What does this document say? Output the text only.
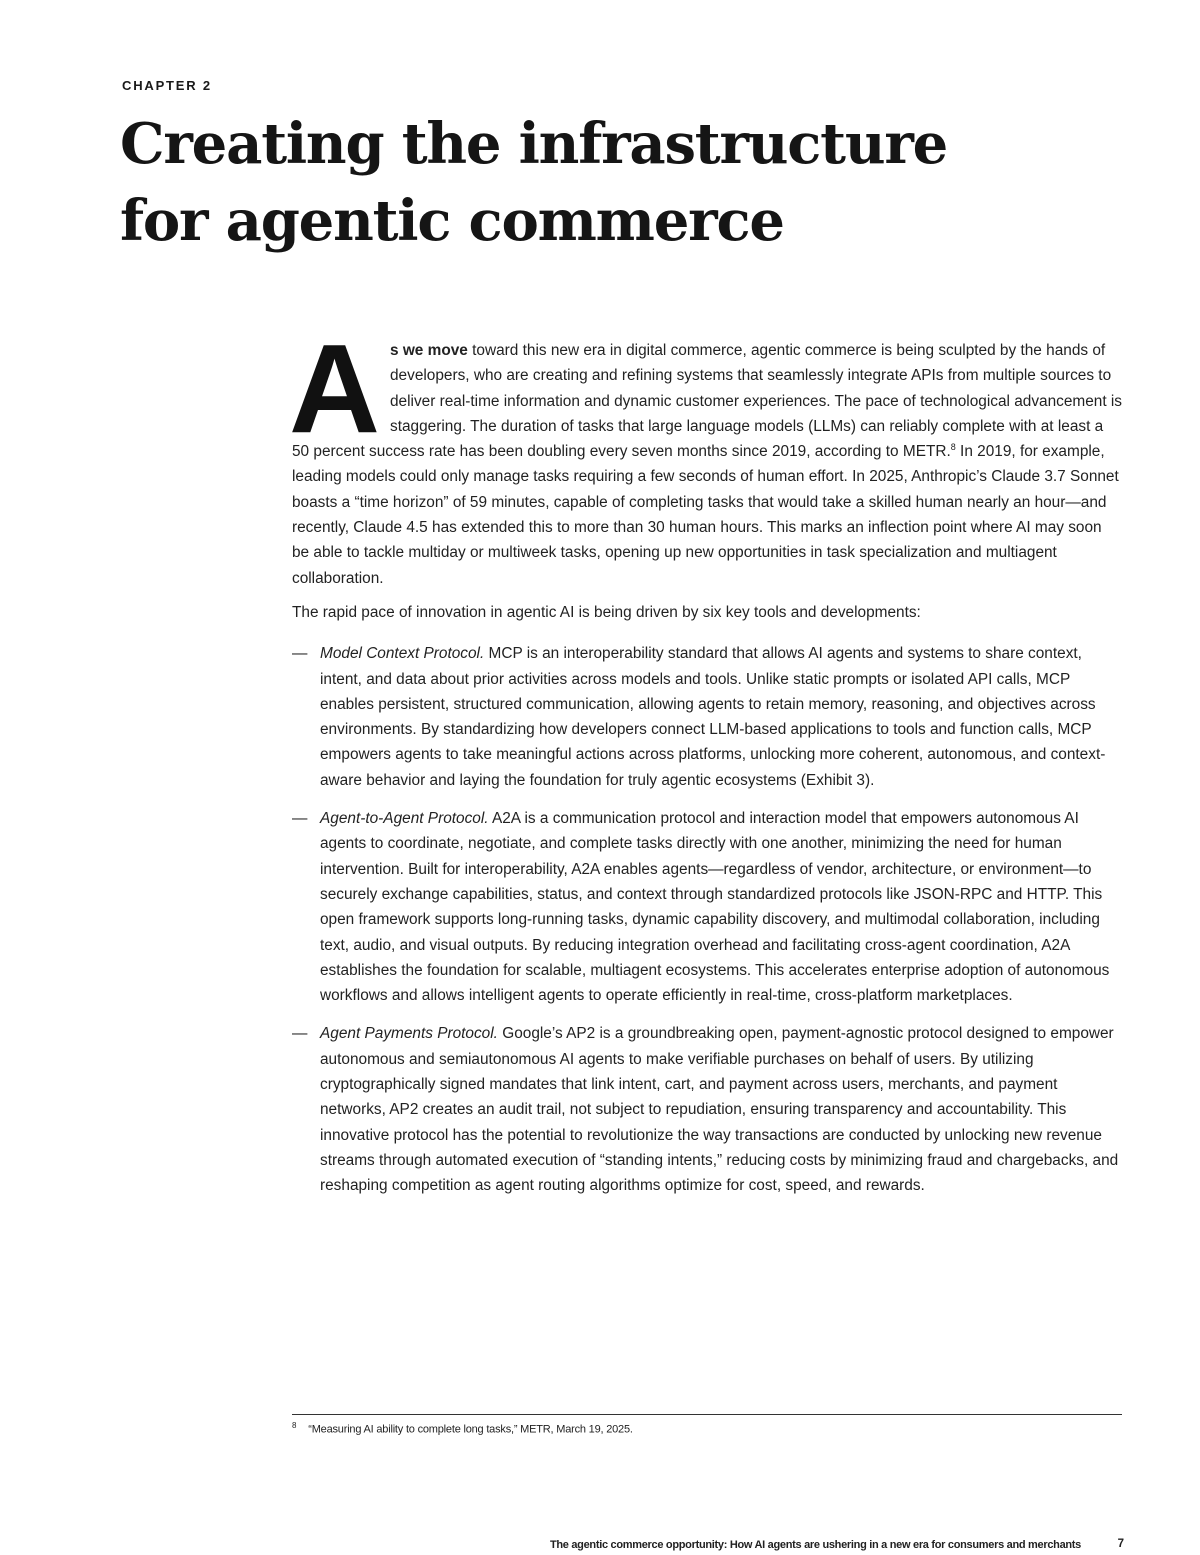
CHAPTER 2
Creating the infrastructure
for agentic commerce

As we move toward this new era in digital commerce, agentic commerce is being sculpted by the hands of developers, who are creating and refining systems that seamlessly integrate APIs from multiple sources to deliver real-time information and dynamic customer experiences. The pace of technological advancement is staggering. The duration of tasks that large language models (LLMs) can reliably complete with at least a 50 percent success rate has been doubling every seven months since 2019, according to METR.$^8$ In 2019, for example, leading models could only manage tasks requiring a few seconds of human effort. In 2025, Anthropic’s Claude 3.7 Sonnet boasts a “time horizon” of 59 minutes, capable of completing tasks that would take a skilled human nearly an hour—and recently, Claude 4.5 has extended this to more than 30 human hours. This marks an inflection point where AI may soon be able to tackle multiday or multiweek tasks, opening up new opportunities in task specialization and multiagent collaboration.

The rapid pace of innovation in agentic AI is being driven by six key tools and developments:

— Model Context Protocol. MCP is an interoperability standard that allows AI agents and systems to share context, intent, and data about prior activities across models and tools. Unlike static prompts or isolated API calls, MCP enables persistent, structured communication, allowing agents to retain memory, reasoning, and objectives across environments. By standardizing how developers connect LLM-based applications to tools and function calls, MCP empowers agents to take meaningful actions across platforms, unlocking more coherent, autonomous, and context-aware behavior and laying the foundation for truly agentic ecosystems (Exhibit 3).
— Agent-to-Agent Protocol. A2A is a communication protocol and interaction model that empowers autonomous AI agents to coordinate, negotiate, and complete tasks directly with one another, minimizing the need for human intervention. Built for interoperability, A2A enables agents—regardless of vendor, architecture, or environment—to securely exchange capabilities, status, and context through standardized protocols like JSON-RPC and HTTP. This open framework supports long-running tasks, dynamic capability discovery, and multimodal collaboration, including text, audio, and visual outputs. By reducing integration overhead and facilitating cross-agent coordination, A2A establishes the foundation for scalable, multiagent ecosystems. This accelerates enterprise adoption of autonomous workflows and allows intelligent agents to operate efficiently in real-time, cross-platform marketplaces.
— Agent Payments Protocol. Google’s AP2 is a groundbreaking open, payment-agnostic protocol designed to empower autonomous and semiautonomous AI agents to make verifiable purchases on behalf of users. By utilizing cryptographically signed mandates that link intent, cart, and payment across users, merchants, and payment networks, AP2 creates an audit trail, not subject to repudiation, ensuring transparency and accountability. This innovative protocol has the potential to revolutionize the way transactions are conducted by unlocking new revenue streams through automated execution of “standing intents,” reducing costs by minimizing fraud and chargebacks, and reshaping competition as agent routing algorithms optimize for cost, speed, and rewards.
$^8$ “Measuring AI ability to complete long tasks,” METR, March 19, 2025.
The agentic commerce opportunity: How AI agents are ushering in a new era for consumers and merchants	7
